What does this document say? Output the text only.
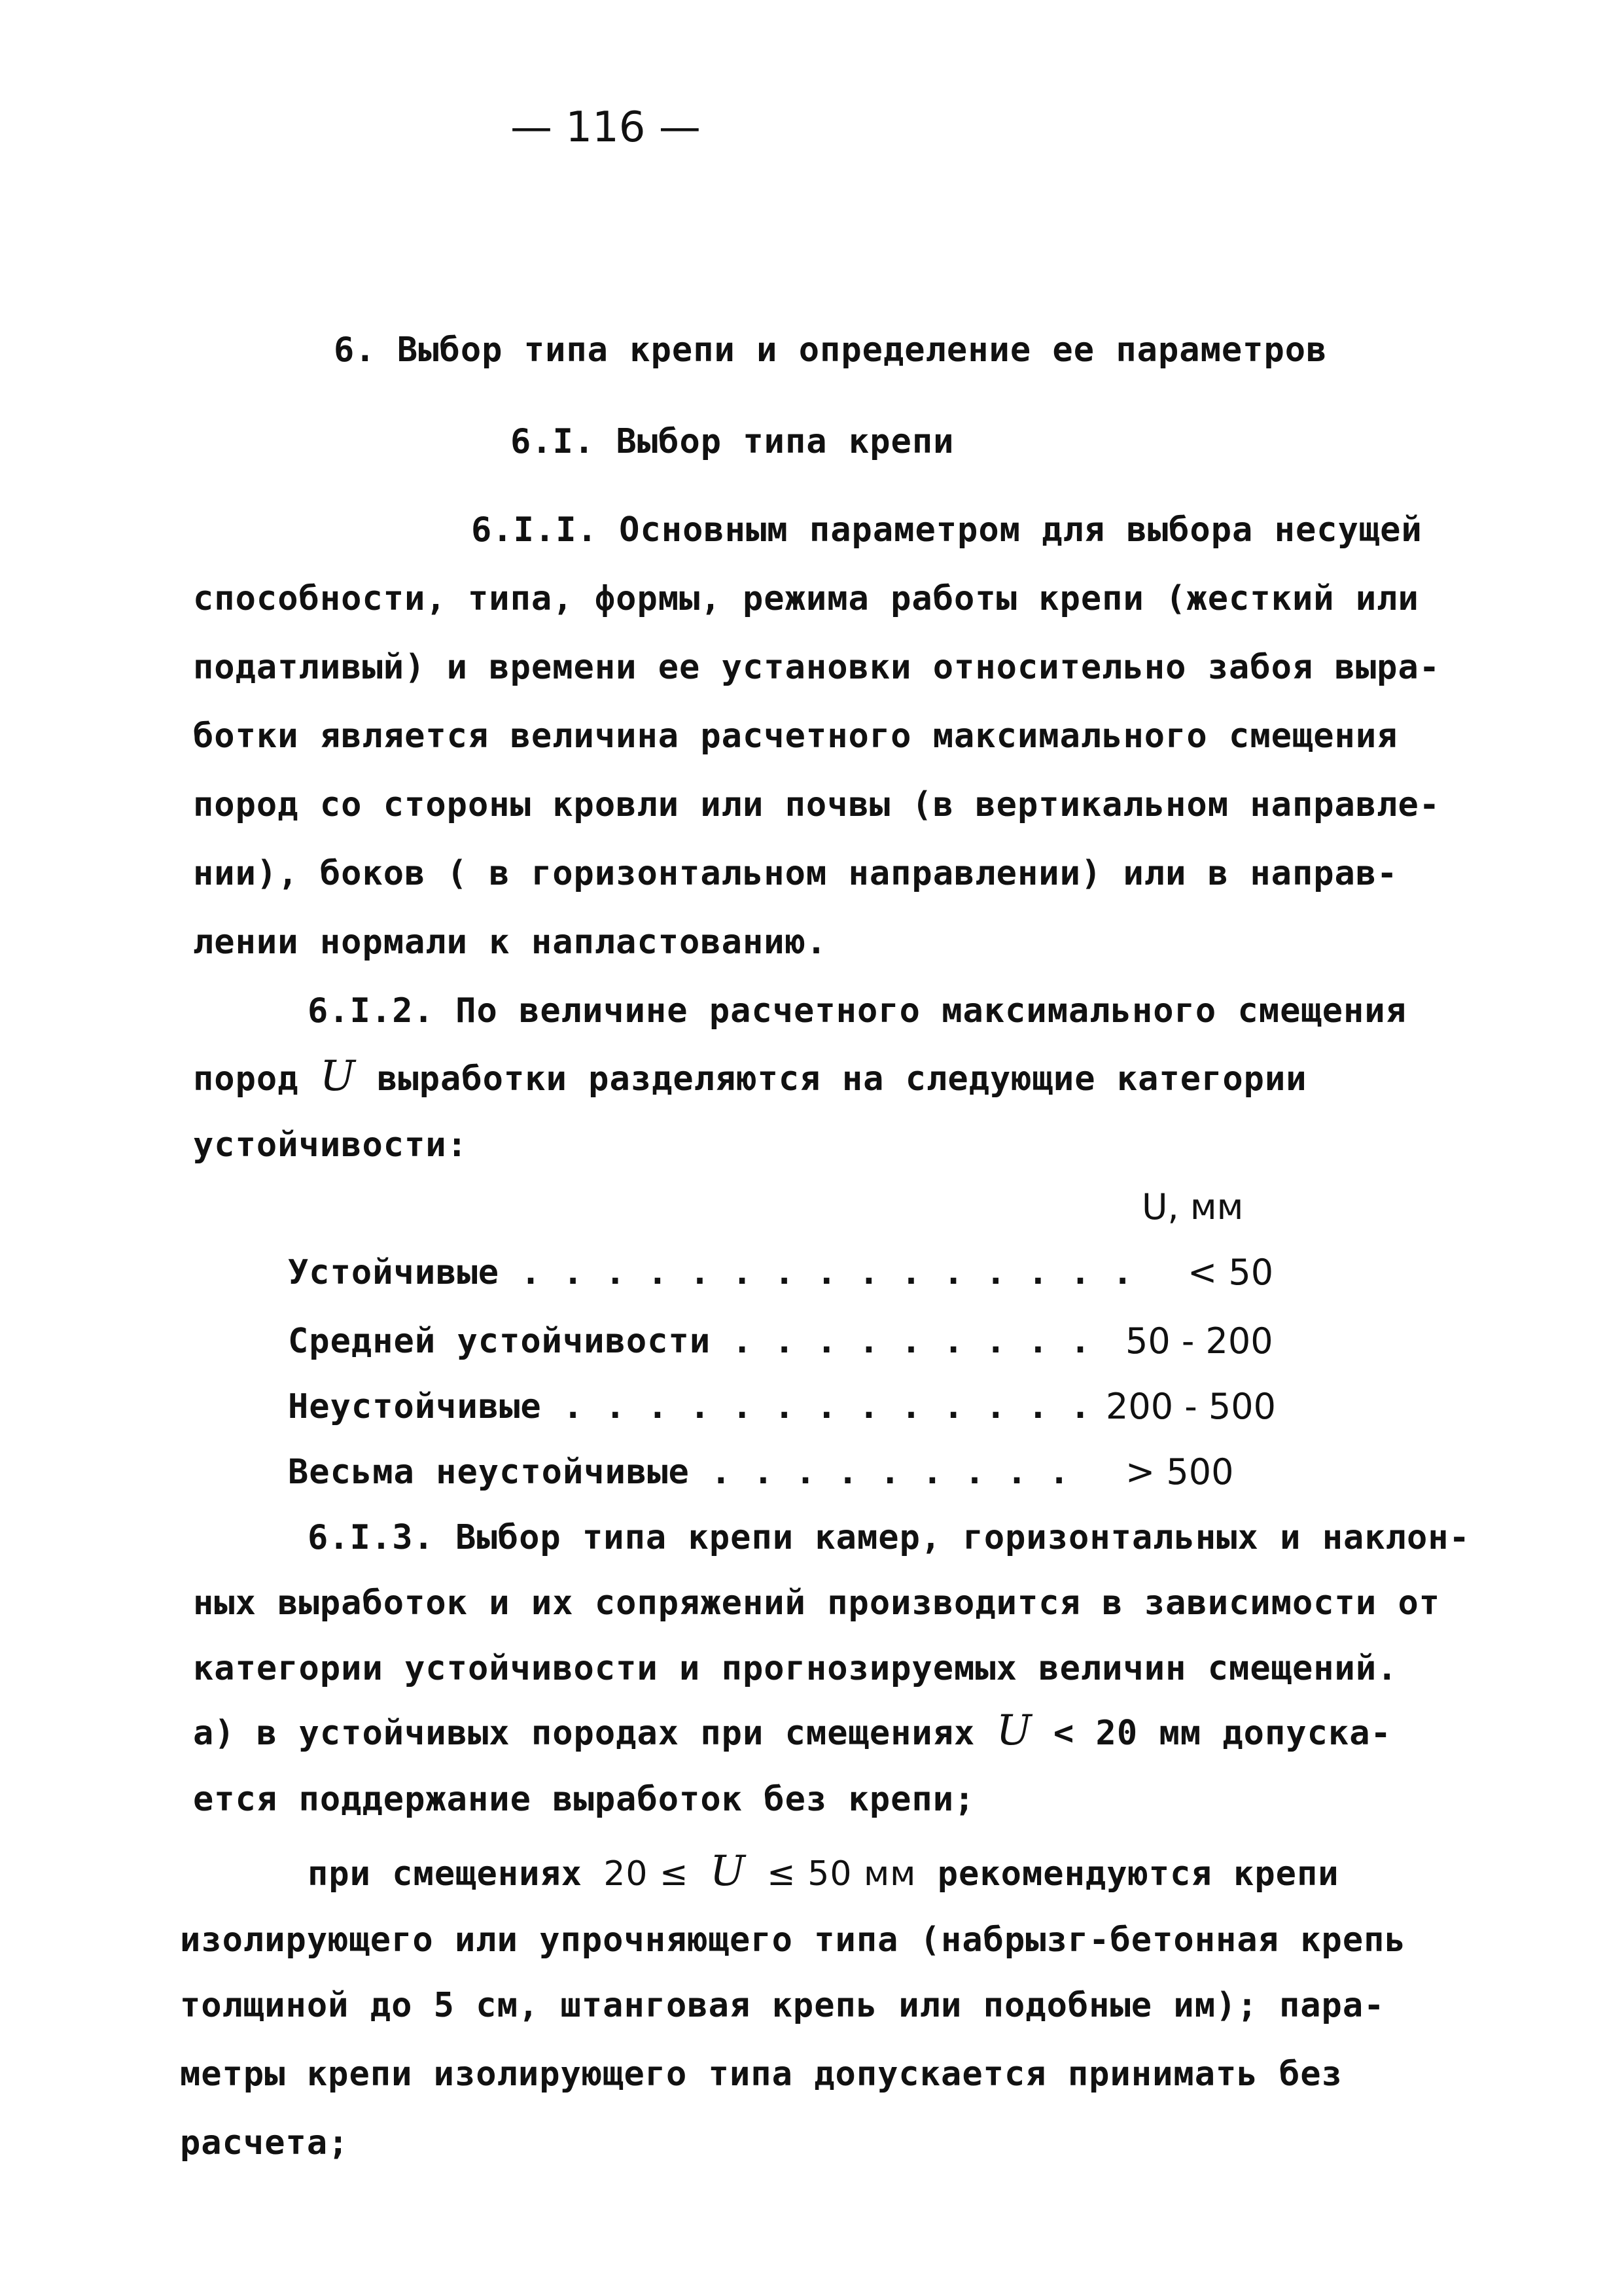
— 116 —
6. Выбор типа крепи и определение ее параметров
6.I. Выбор типа крепи
6.I.I. Основным параметром для выбора несущей
способности, типа, формы, режима работы крепи (жесткий или
податливый) и времени ее установки относительно забоя выра-
ботки является величина расчетного максимального смещения
пород со стороны кровли или почвы (в вертикальном направле-
нии), боков ( в горизонтальном направлении) или в направ-
лении нормали к напластованию.
6.I.2. По величине расчетного максимального смещения
пород U выработки разделяются на следующие категории
устойчивости:
U, мм
Устойчивые . . . . . . . . . . . . . . . < 50
Средней устойчивости . . . . . . . . . 50 - 200
Неустойчивые . . . . . . . . . . . . . 200 - 500
Весьма неустойчивые . . . . . . . . . > 500
6.I.3. Выбор типа крепи камер, горизонтальных и наклон-
ных выработок и их сопряжений производится в зависимости от
категории устойчивости и прогнозируемых величин смещений.
а) в устойчивых породах при смещениях U < 20 мм допуска-
ется поддержание выработок без крепи;
при смещениях 20 ≤ U ≤ 50 мм рекомендуются крепи
изолирующего или упрочняющего типа (набрызг-бетонная крепь
толщиной до 5 см, штанговая крепь или подобные им); пара-
метры крепи изолирующего типа допускается принимать без
расчета;
